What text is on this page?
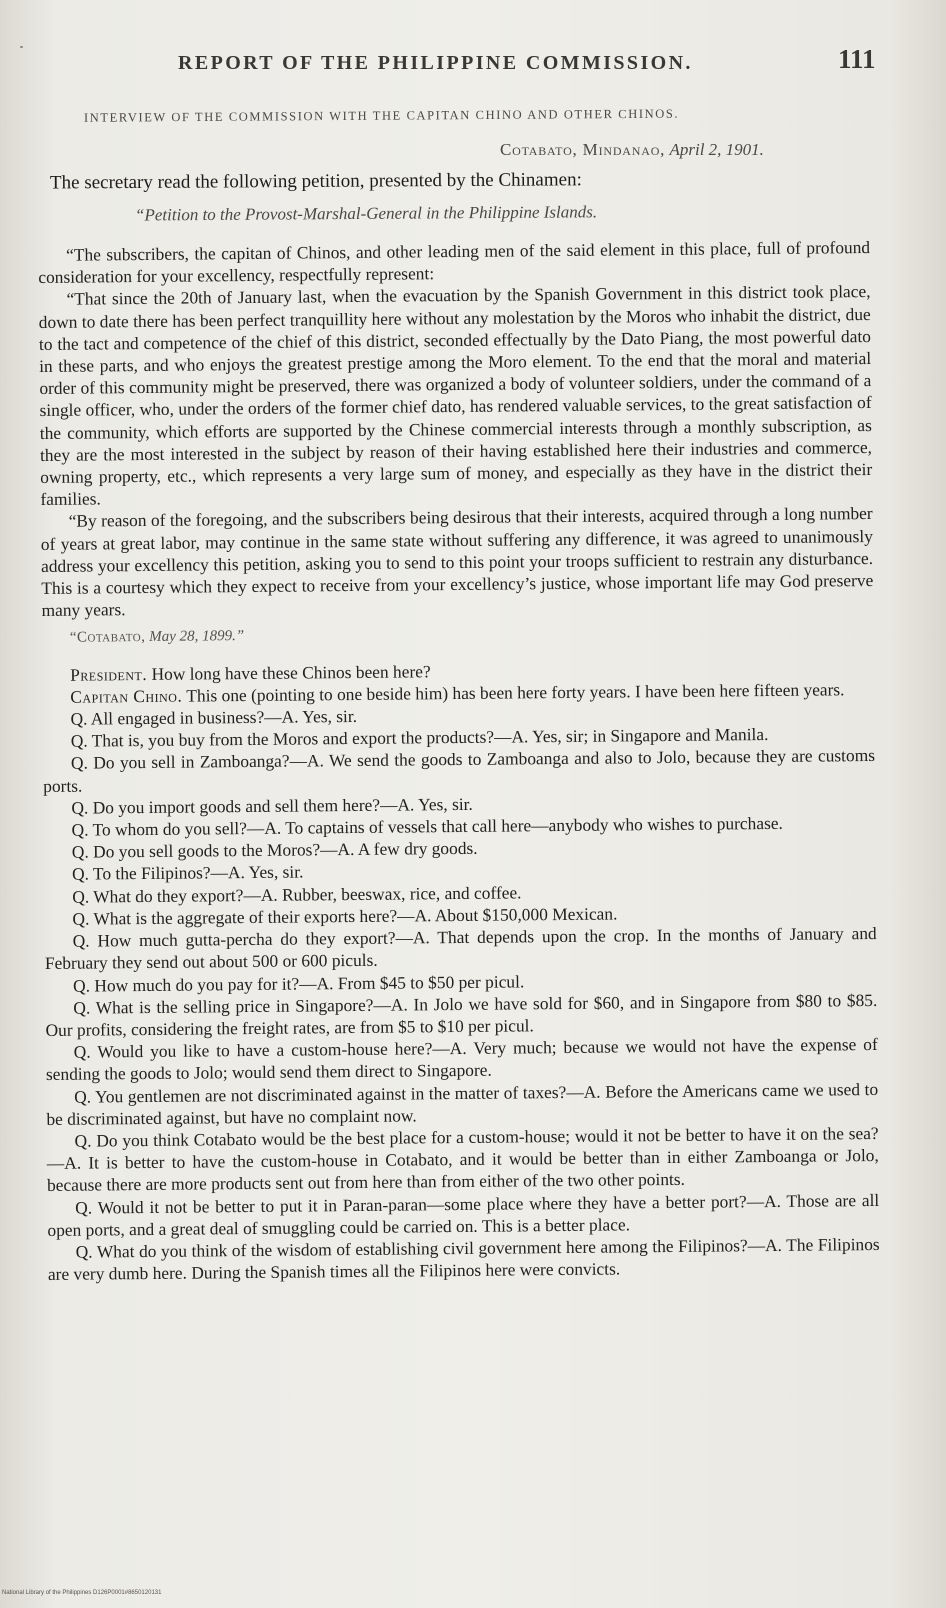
REPORT OF THE PHILIPPINE COMMISSION.	111
INTERVIEW OF THE COMMISSION WITH THE CAPITAN CHINO AND OTHER CHINOS.
Cotabato, Mindanao, April 2, 1901.
The secretary read the following petition, presented by the Chinamen:
“Petition to the Provost-Marshal-General in the Philippine Islands.

“The subscribers, the capitan of Chinos, and other leading men of the said element in this place, full of profound consideration for your excellency, respectfully represent:

“That since the 20th of January last, when the evacuation by the Spanish Government in this district took place, down to date there has been perfect tranquillity here without any molestation by the Moros who inhabit the district, due to the tact and competence of the chief of this district, seconded effectually by the Dato Piang, the most powerful dato in these parts, and who enjoys the greatest prestige among the Moro element. To the end that the moral and material order of this community might be preserved, there was organized a body of volunteer soldiers, under the command of a single officer, who, under the orders of the former chief dato, has rendered valuable services, to the great satisfaction of the community, which efforts are supported by the Chinese commercial interests through a monthly subscription, as they are the most interested in the subject by reason of their having established here their industries and commerce, owning property, etc., which represents a very large sum of money, and especially as they have in the district their families.

“By reason of the foregoing, and the subscribers being desirous that their interests, acquired through a long number of years at great labor, may continue in the same state without suffering any difference, it was agreed to unanimously address your excellency this petition, asking you to send to this point your troops sufficient to restrain any disturbance. This is a courtesy which they expect to receive from your excellency’s justice, whose important life may God preserve many years.

“Cotabato, May 28, 1899.”

President. How long have these Chinos been here?

Capitan Chino. This one (pointing to one beside him) has been here forty years. I have been here fifteen years.

Q. All engaged in business?—A. Yes, sir.

Q. That is, you buy from the Moros and export the products?—A. Yes, sir; in Singapore and Manila.

Q. Do you sell in Zamboanga?—A. We send the goods to Zamboanga and also to Jolo, because they are customs ports.

Q. Do you import goods and sell them here?—A. Yes, sir.

Q. To whom do you sell?—A. To captains of vessels that call here—anybody who wishes to purchase.

Q. Do you sell goods to the Moros?—A. A few dry goods.

Q. To the Filipinos?—A. Yes, sir.

Q. What do they export?—A. Rubber, beeswax, rice, and coffee.

Q. What is the aggregate of their exports here?—A. About $150,000 Mexican.

Q. How much gutta-percha do they export?—A. That depends upon the crop. In the months of January and February they send out about 500 or 600 piculs.

Q. How much do you pay for it?—A. From $45 to $50 per picul.

Q. What is the selling price in Singapore?—A. In Jolo we have sold for $60, and in Singapore from $80 to $85. Our profits, considering the freight rates, are from $5 to $10 per picul.

Q. Would you like to have a custom-house here?—A. Very much; because we would not have the expense of sending the goods to Jolo; would send them direct to Singapore.

Q. You gentlemen are not discriminated against in the matter of taxes?—A. Before the Americans came we used to be discriminated against, but have no complaint now.

Q. Do you think Cotabato would be the best place for a custom-house; would it not be better to have it on the sea?—A. It is better to have the custom-house in Cotabato, and it would be better than in either Zamboanga or Jolo, because there are more products sent out from here than from either of the two other points.

Q. Would it not be better to put it in Paran-paran—some place where they have a better port?—A. Those are all open ports, and a great deal of smuggling could be carried on. This is a better place.

Q. What do you think of the wisdom of establishing civil government here among the Filipinos?—A. The Filipinos are very dumb here. During the Spanish times all the Filipinos here were convicts.

National Library of the Philippines D126P0001#8650120131
